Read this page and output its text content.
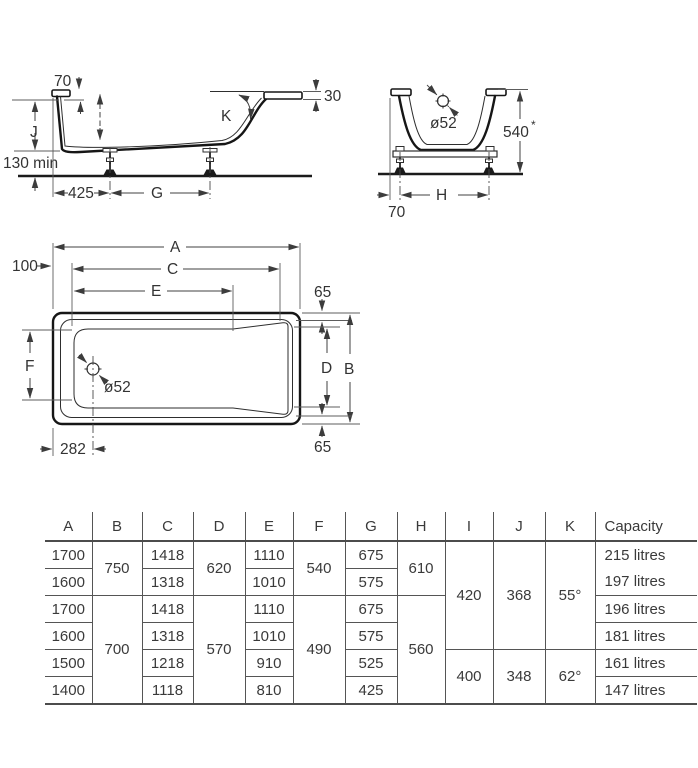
70
J
130 min
K
30
425	G
ø52
H
70
540 *
ø52
A
C
100
E	65
D B
F
65
282
A	B	C	D	E	F	G	H	I	J	K	Capacity
1700	750	1418	620	1110	540	675	610	420	368	55°	215 litres
1600		1318		1010		575					197 litres
1700	700	1418	570	1110	490	675	560				196 litres
1600		1318		1010		575					181 litres
1500		1218		910		525		400	348	62°	161 litres
1400		1118		810		425					147 litres
